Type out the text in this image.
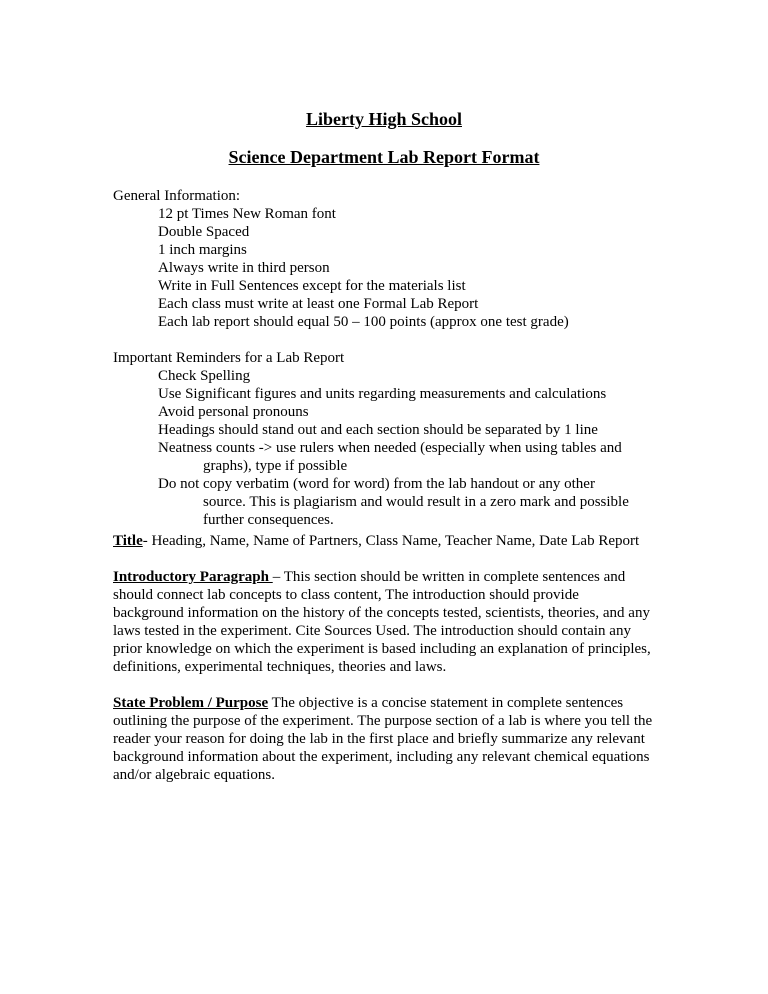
Liberty High School
Science Department Lab Report Format
General Information:
12 pt Times New Roman font
Double Spaced
1 inch margins
Always write in third person
Write in Full Sentences except for the materials list
Each class must write at least one Formal Lab Report
Each lab report should equal 50 – 100 points (approx one test grade)
Important Reminders for a Lab Report
Check Spelling
Use Significant figures and units regarding measurements and calculations
Avoid personal pronouns
Headings should stand out and each section should be separated by 1 line
Neatness counts -> use rulers when needed (especially when using tables and
graphs), type if possible
Do not copy verbatim (word for word) from the lab handout or any other
source. This is plagiarism and would result in a zero mark and possible
further consequences.

Title- Heading, Name, Name of Partners, Class Name, Teacher Name, Date Lab Report

Introductory Paragraph – This section should be written in complete sentences and
should connect lab concepts to class content, The introduction should provide
background information on the history of the concepts tested, scientists, theories, and any
laws tested in the experiment. Cite Sources Used. The introduction should contain any
prior knowledge on which the experiment is based including an explanation of principles,
definitions, experimental techniques, theories and laws.

State Problem / Purpose The objective is a concise statement in complete sentences
outlining the purpose of the experiment. The purpose section of a lab is where you tell the
reader your reason for doing the lab in the first place and briefly summarize any relevant
background information about the experiment, including any relevant chemical equations
and/or algebraic equations.
